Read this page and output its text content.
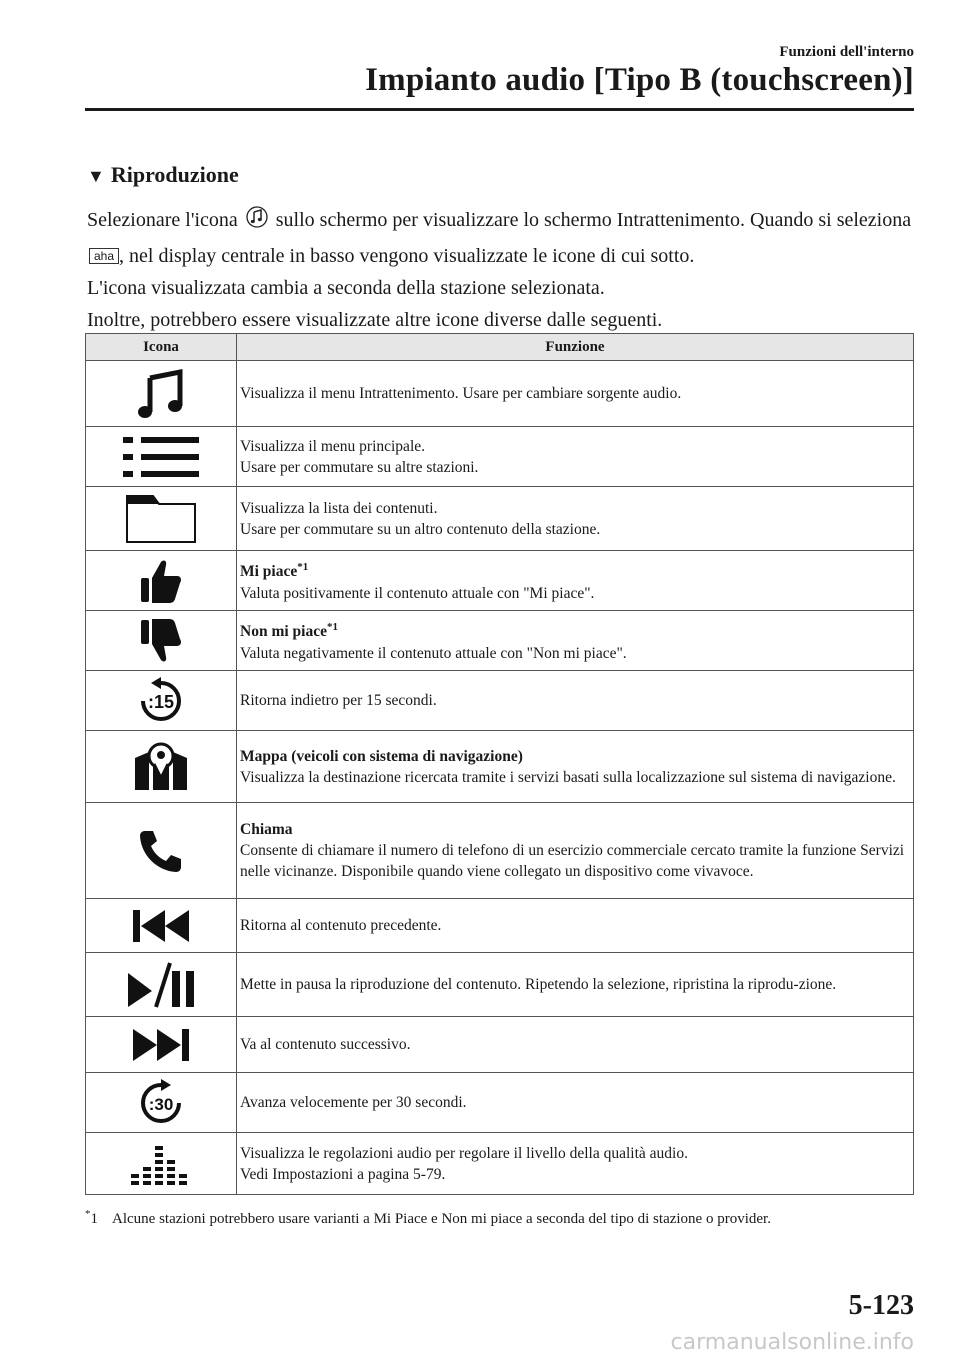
Funzioni dell'interno
Impianto audio [Tipo B (touchscreen)]
▼ Riproduzione

Selezionare l'icona sullo schermo per visualizzare lo schermo Intrattenimento. Quando si seleziona aha , nel display centrale in basso vengono visualizzate le icone di cui sotto.

L'icona visualizzata cambia a seconda della stazione selezionata.

Inoltre, potrebbero essere visualizzate altre icone diverse dalle seguenti.

Icona	Funzione

Visualizza il menu Intrattenimento. Usare per cambiare sorgente audio.

Visualizza il menu principale.
Usare per commutare su altre stazioni.

Visualizza la lista dei contenuti.
Usare per commutare su un altro contenuto della stazione.

Mi piace$^{*1}$
Valuta positivamente il contenuto attuale con "Mi piace".

Non mi piace$^{*1}$
Valuta negativamente il contenuto attuale con "Non mi piace".

:15	Ritorna indietro per 15 secondi.

Mappa (veicoli con sistema di navigazione)
Visualizza la destinazione ricercata tramite i servizi basati sulla localizzazione sul sistema di navigazione.

Chiama
Consente di chiamare il numero di telefono di un esercizio commerciale cercato tramite la funzione Servizi nelle vicinanze. Disponibile quando viene collegato un dispositivo come vivavoce.

Ritorna al contenuto precedente.

Mette in pausa la riproduzione del contenuto. Ripetendo la selezione, ripristina la riprodu-zione.

Va al contenuto successivo.

:30	Avanza velocemente per 30 secondi.

Visualizza le regolazioni audio per regolare il livello della qualità audio.
Vedi Impostazioni a pagina 5-79.
*1 Alcune stazioni potrebbero usare varianti a Mi Piace e Non mi piace a seconda del tipo di stazione o provider.
5-123
carmanualsonline.info
